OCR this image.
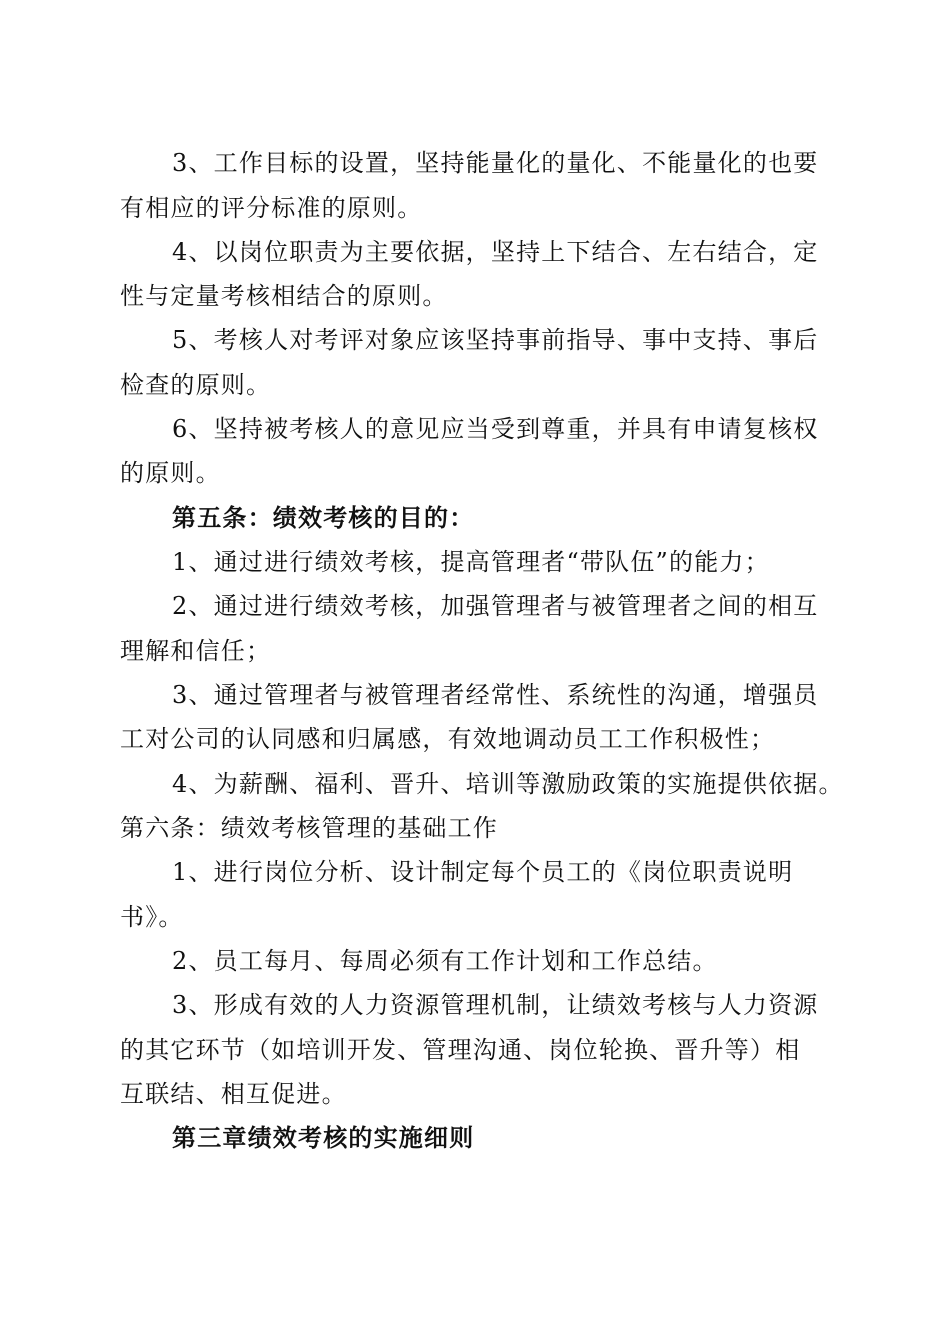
3、工作目标的设置，坚持能量化的量化、不能量化的也要
有相应的评分标准的原则。
4、以岗位职责为主要依据，坚持上下结合、左右结合，定
性与定量考核相结合的原则。
5、考核人对考评对象应该坚持事前指导、事中支持、事后
检查的原则。
6、坚持被考核人的意见应当受到尊重，并具有申请复核权
的原则。
第五条：绩效考核的目的：
1、通过进行绩效考核，提高管理者“带队伍”的能力；
2、通过进行绩效考核，加强管理者与被管理者之间的相互
理解和信任；
3、通过管理者与被管理者经常性、系统性的沟通，增强员
工对公司的认同感和归属感，有效地调动员工工作积极性；
4、为薪酬、福利、晋升、培训等激励政策的实施提供依据。
第六条：绩效考核管理的基础工作
1、进行岗位分析、设计制定每个员工的《岗位职责说明
书》。
2、员工每月、每周必须有工作计划和工作总结。
3、形成有效的人力资源管理机制，让绩效考核与人力资源
的其它环节（如培训开发、管理沟通、岗位轮换、晋升等）相
互联结、相互促进。
第三章绩效考核的实施细则
